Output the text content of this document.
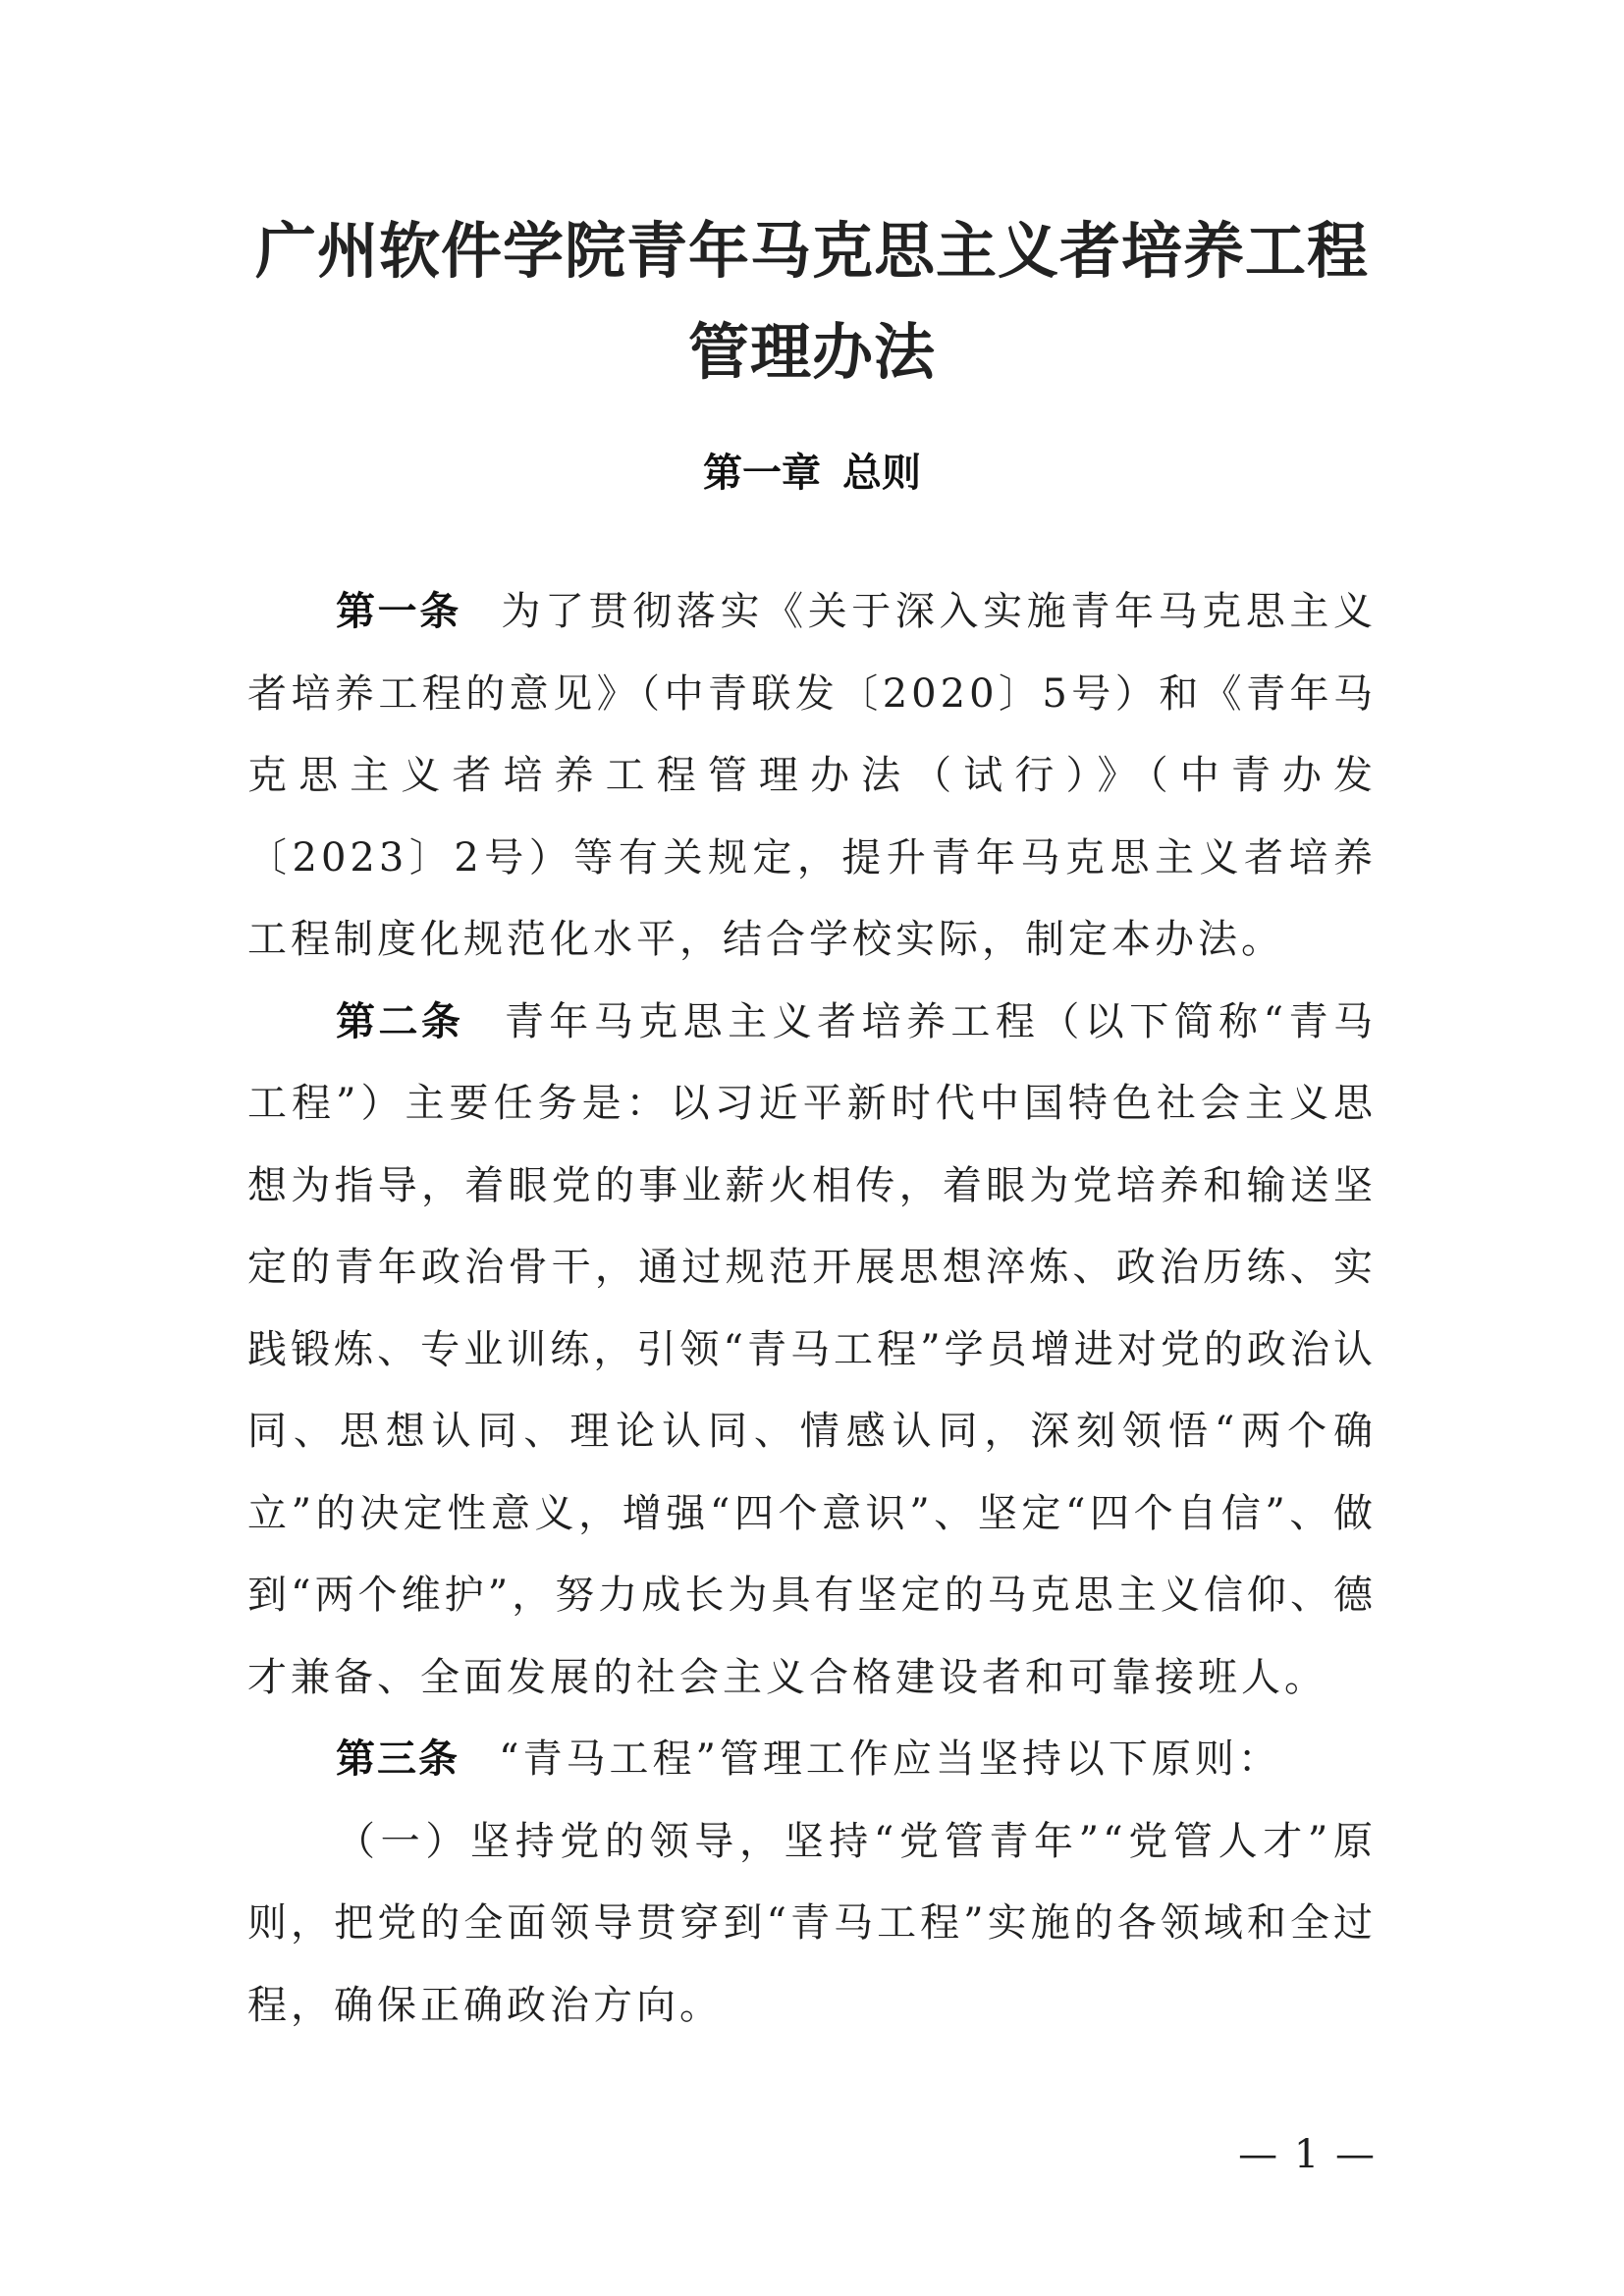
广州软件学院青年马克思主义者培养工程
管理办法
第一章 总则

第一条 为了贯彻落实《关于深入实施青年马克思主义者培养工程的意见》（中青联发〔2020〕5号）和《青年马克思主义者培养工程管理办法（试行）》（中青办发〔2023〕2号）等有关规定，提升青年马克思主义者培养工程制度化规范化水平，结合学校实际，制定本办法。

第二条 青年马克思主义者培养工程（以下简称“青马工程”）主要任务是：以习近平新时代中国特色社会主义思想为指导，着眼党的事业薪火相传，着眼为党培养和输送坚定的青年政治骨干，通过规范开展思想淬炼、政治历练、实践锻炼、专业训练，引领“青马工程”学员增进对党的政治认同、思想认同、理论认同、情感认同，深刻领悟“两个确立”的决定性意义，增强“四个意识”、坚定“四个自信”、做到“两个维护”，努力成长为具有坚定的马克思主义信仰、德才兼备、全面发展的社会主义合格建设者和可靠接班人。

第三条 “青马工程”管理工作应当坚持以下原则：

（一）坚持党的领导，坚持“党管青年”“党管人才”原则，把党的全面领导贯穿到“青马工程”实施的各领域和全过程，确保正确政治方向。

— 1 —
